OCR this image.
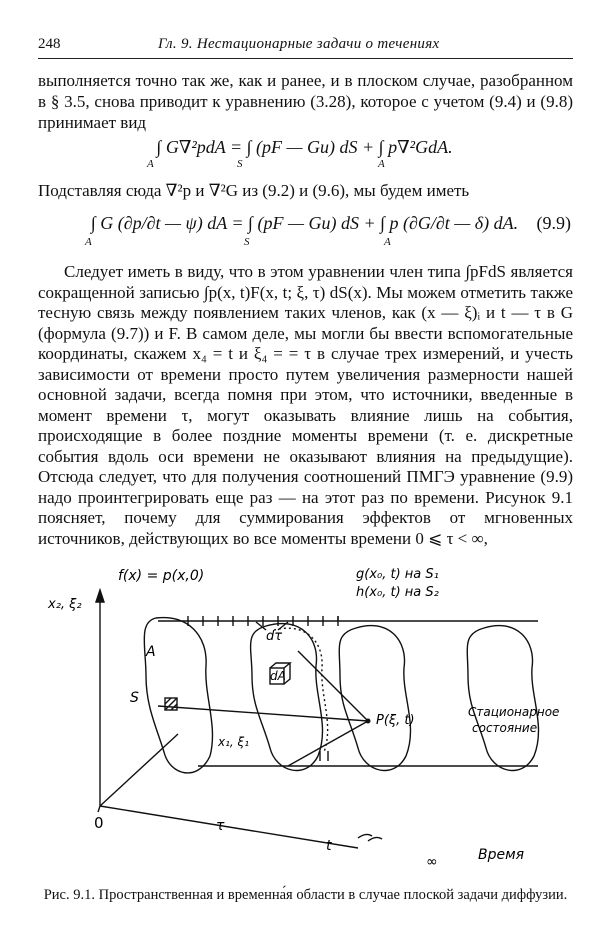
248	Гл. 9. Нестационарные задачи о течениях

выполняется точно так же, как и ранее, и в плоском случае, разобранном в § 3.5, снова приводит к уравнению (3.28), которое с учетом (9.4) и (9.8) принимает вид

∫ G∇²pdA = ∫ (pF — Gu) dS + ∫ p∇²GdA.
A	S	A

Подставляя сюда ∇²p и ∇²G из (9.2) и (9.6), мы будем иметь

∫ G (∂p/∂t — ψ) dA = ∫ (pF — Gu) dS + ∫ p (∂G/∂t — δ) dA. (9.9)
A	S	A

Следует иметь в виду, что в этом уравнении член типа ∫pFdS является сокращенной записью ∫p(x, t)F(x, t; ξ, τ) dS(x). Мы можем отметить также тесную связь между появлением таких членов, как (x — ξ)ᵢ и t — τ в G (формула (9.7)) и F. В самом деле, мы могли бы ввести вспомогательные координаты, скажем x₄ = t и ξ₄ = = τ в случае трех измерений, и учесть зависимости от времени просто путем увеличения размерности нашей основной задачи, всегда помня при этом, что источники, введенные в момент времени τ, могут оказывать влияние лишь на события, происходящие в более поздние моменты времени (т. е. дискретные события вдоль оси времени не оказывают влияния на предыдущие). Отсюда следует, что для получения соотношений ПМГЭ уравнение (9.9) надо проинтегрировать еще раз — на этот раз по времени. Рисунок 9.1 поясняет, почему для суммирования эффектов от мгновенных источников, действующих во все моменты времени 0 ⩽ τ < ∞,

f(x) = p(x,0)	g(x₀, t) на S₁
h(x₀, t) на S₂
x₂, ξ₂
A
S
dτ
dA
P(ξ, t)
x₁, ξ₁
Стационарное
состояние
0	τ
t
∞	Время
Рис. 9.1. Пространственная и временна́я области в случае плоской задачи диффузии.
